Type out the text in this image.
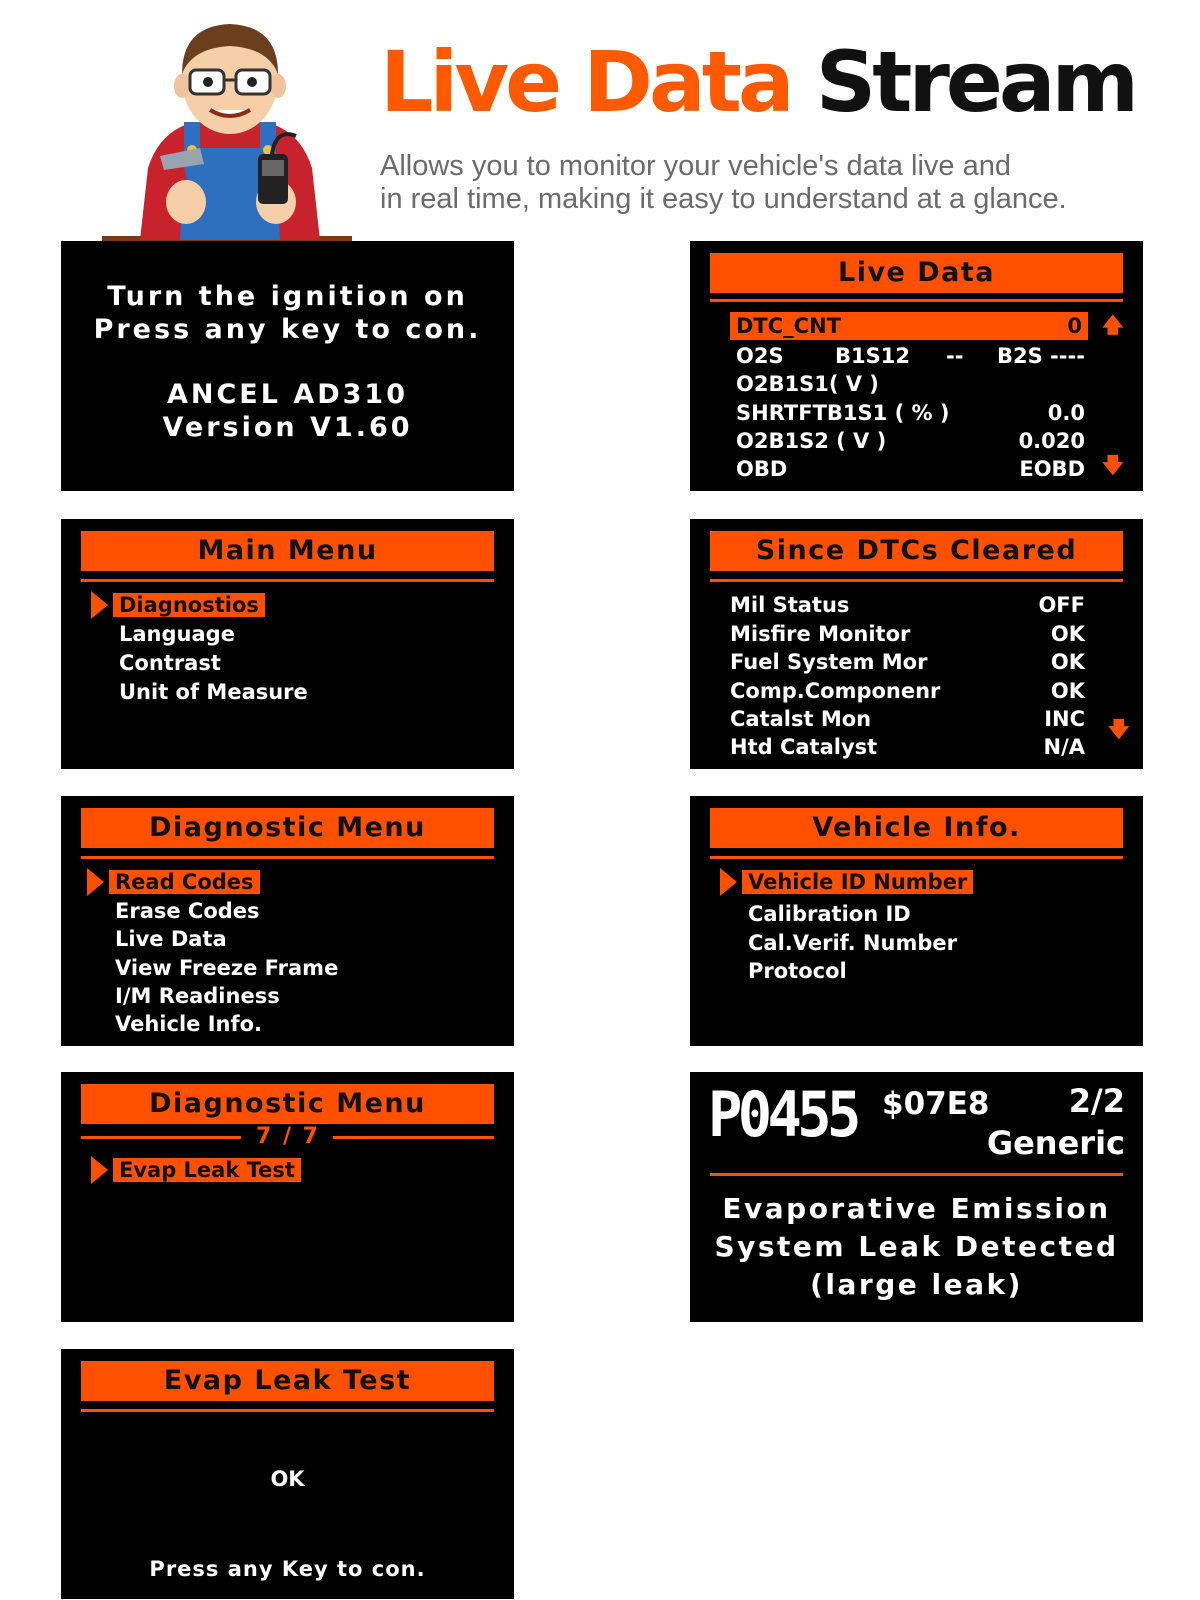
Live Data Stream
Allows you to monitor your vehicle's data live and
in real time, making it easy to understand at a glance.
Turn the ignition on
Press any key to con.
ANCEL AD310
Version V1.60
Live Data
DTC_CNT	0 🡅
O2S B1S12 -- B2S ----
O2B1S1( V )
SHRTFTB1S1 ( % )	0.0
O2B1S2 ( V )	0.020
OBD	EOBD 🡇
Main Menu
Diagnostios
Language
Contrast
Unit of Measure
Since DTCs Cleared
Mil Status	OFF
Misfire Monitor	OK
Fuel System Mor	OK
Comp.Componenr	OK
Catalst Mon	INC
Htd Catalyst	N/A
🡇
Diagnostic Menu
Read Codes
Erase Codes
Live Data
View Freeze Frame
I/M Readiness
Vehicle Info.
Vehicle Info.
Vehicle ID Number
Calibration ID
Cal.Verif. Number
Protocol
Diagnostic Menu
7 / 7
Evap Leak Test
P0455 $07E8 2/2
Generic
Evaporative Emission
System Leak Detected
(large leak)
Evap Leak Test
OK
Press any Key to con.
